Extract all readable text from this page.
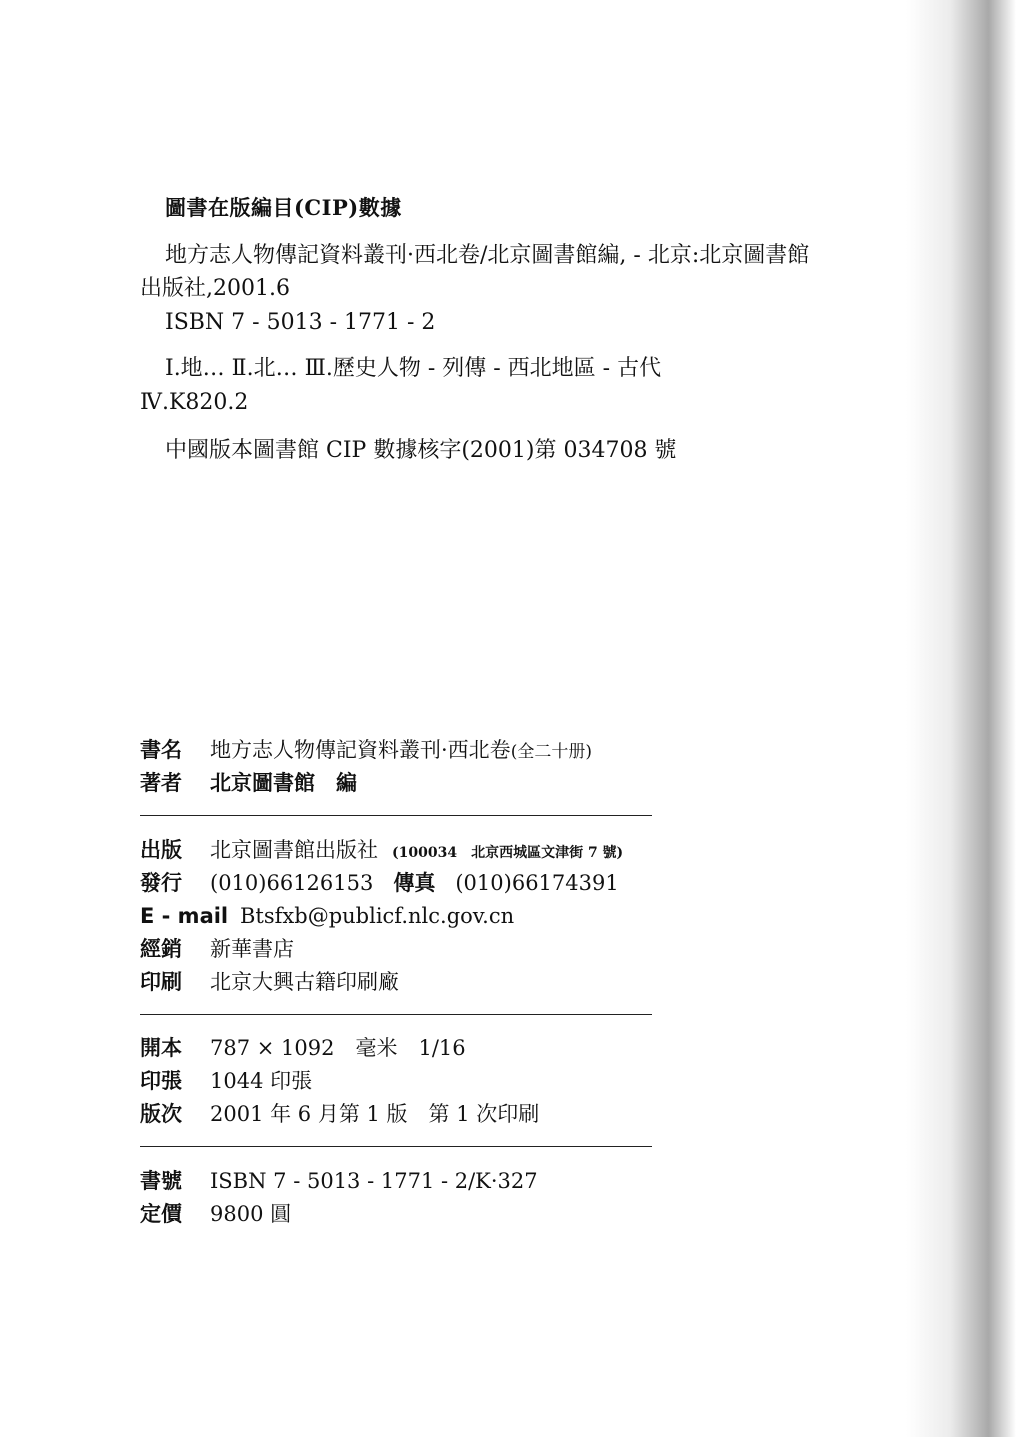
圖書在版編目(CIP)數據
地方志人物傳記資料叢刊·西北卷/北京圖書館編, - 北京:北京圖書館
出版社,2001.6
ISBN 7 - 5013 - 1771 - 2
Ⅰ.地… Ⅱ.北… Ⅲ.歷史人物 - 列傳 - 西北地區 - 古代
Ⅳ.K820.2
中國版本圖書館 CIP 數據核字(2001)第 034708 號
書名 地方志人物傳記資料叢刊·西北卷(全二十册)
著者 北京圖書館　編
出版 北京圖書館出版社 (100034　北京西城區文津街 7 號)
發行 (010)66126153 傳真 (010)66174391
E - mail Btsfxb@publicf.nlc.gov.cn
經銷 新華書店
印刷 北京大興古籍印刷廠
開本 787 × 1092　毫米　1/16
印張 1044 印張
版次 2001 年 6 月第 1 版　第 1 次印刷
書號 ISBN 7 - 5013 - 1771 - 2/K·327
定價 9800 圓
